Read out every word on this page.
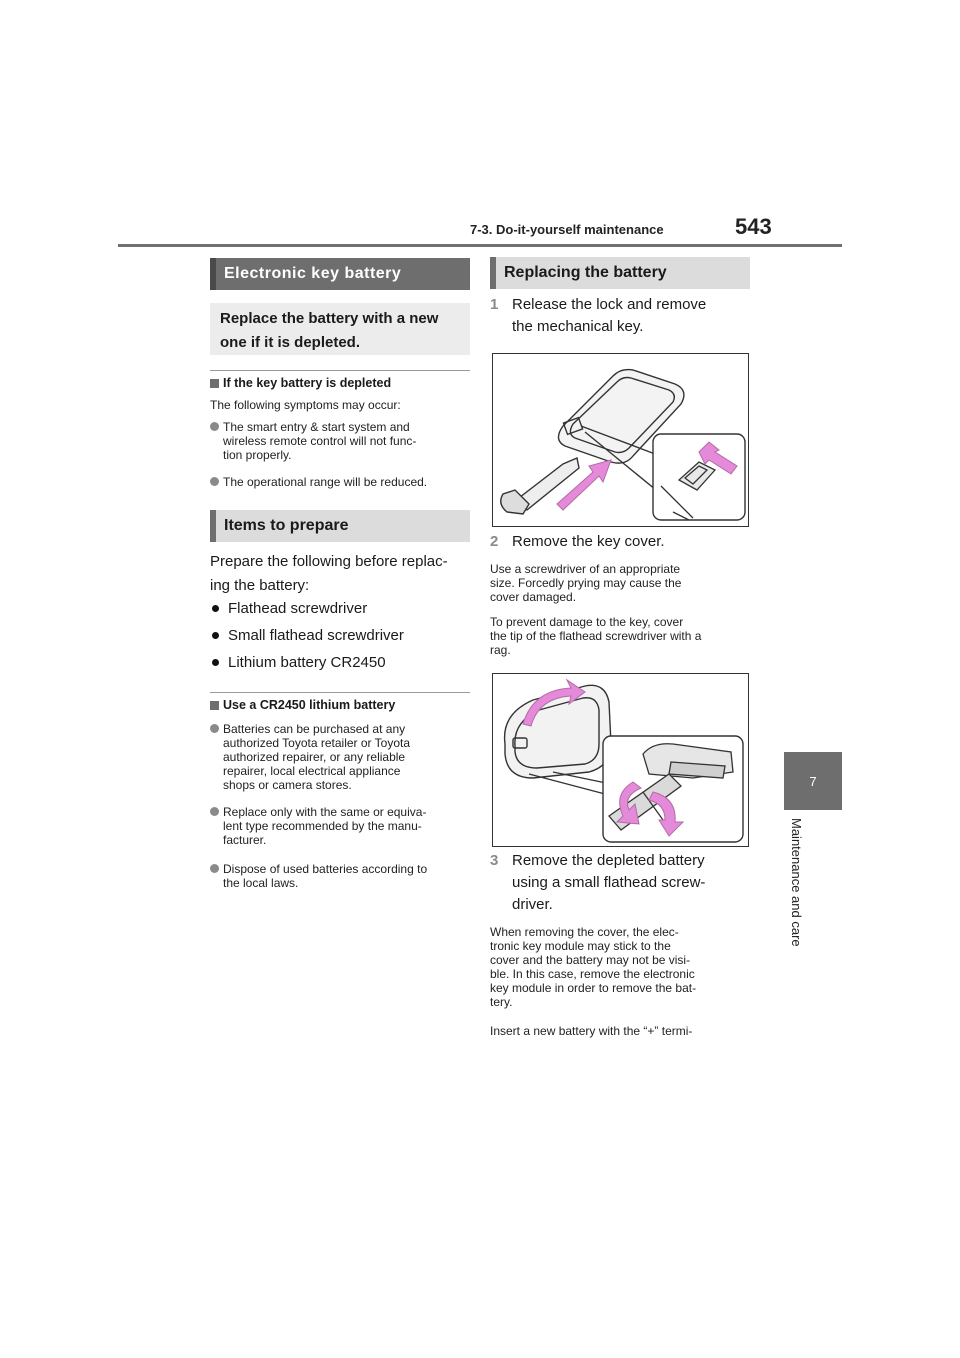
7-3. Do-it-yourself maintenance	543
7
Maintenance and care
Electronic key battery
Replace the battery with a new
one if it is depleted.
If the key battery is depleted
The following symptoms may occur:
The smart entry & start system and
wireless remote control will not func-
tion properly.
The operational range will be reduced.
Items to prepare
Prepare the following before replac-
ing the battery:
Flathead screwdriver
Small flathead screwdriver
Lithium battery CR2450
Use a CR2450 lithium battery
Batteries can be purchased at any
authorized Toyota retailer or Toyota
authorized repairer, or any reliable
repairer, local electrical appliance
shops or camera stores.
Replace only with the same or equiva-
lent type recommended by the manu-
facturer.
Dispose of used batteries according to
the local laws.
Replacing the battery
1 Release the lock and remove
the mechanical key.
2 Remove the key cover.
Use a screwdriver of an appropriate
size. Forcedly prying may cause the
cover damaged.
To prevent damage to the key, cover
the tip of the flathead screwdriver with a
rag.
3 Remove the depleted battery
using a small flathead screw-
driver.
When removing the cover, the elec-
tronic key module may stick to the
cover and the battery may not be visi-
ble. In this case, remove the electronic
key module in order to remove the bat-
tery.
Insert a new battery with the “+” termi-
